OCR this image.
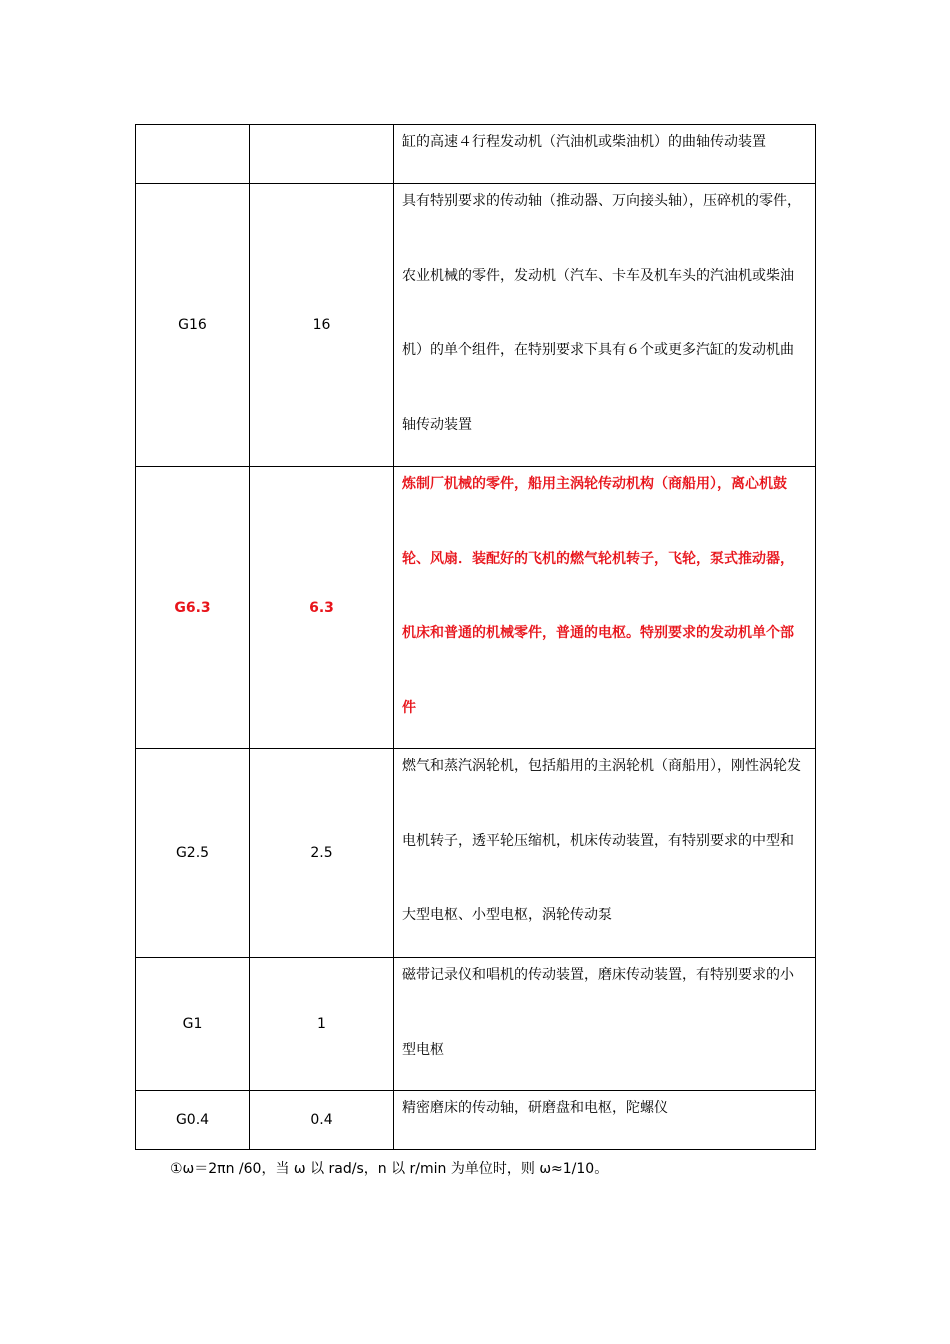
		缸的高速４行程发动机（汽油机或柴油机）的曲轴传动装置

G16	16	具有特别要求的传动轴（推动器、万向接头轴），压碎机的零件，农业机械的零件，发动机（汽车、卡车及机车头的汽油机或柴油机）的单个组件，在特别要求下具有６个或更多汽缸的发动机曲轴传动装置

G6.3	6.3	炼制厂机械的零件，船用主涡轮传动机构（商船用），离心机鼓轮、风扇．装配好的飞机的燃气轮机转子，飞轮，泵式推动器，机床和普通的机械零件，普通的电枢。特别要求的发动机单个部件

G2.5	2.5	燃气和蒸汽涡轮机，包括船用的主涡轮机（商船用），刚性涡轮发电机转子，透平轮压缩机，机床传动装置，有特别要求的中型和大型电枢、小型电枢，涡轮传动泵

G1	1	磁带记录仪和唱机的传动装置，磨床传动装置，有特别要求的小型电枢

G0.4	0.4	精密磨床的传动轴，研磨盘和电枢，陀螺仪
①ω＝2πn /60，当 ω 以 rad/s，n 以 r/min 为单位时，则 ω≈1/10。
